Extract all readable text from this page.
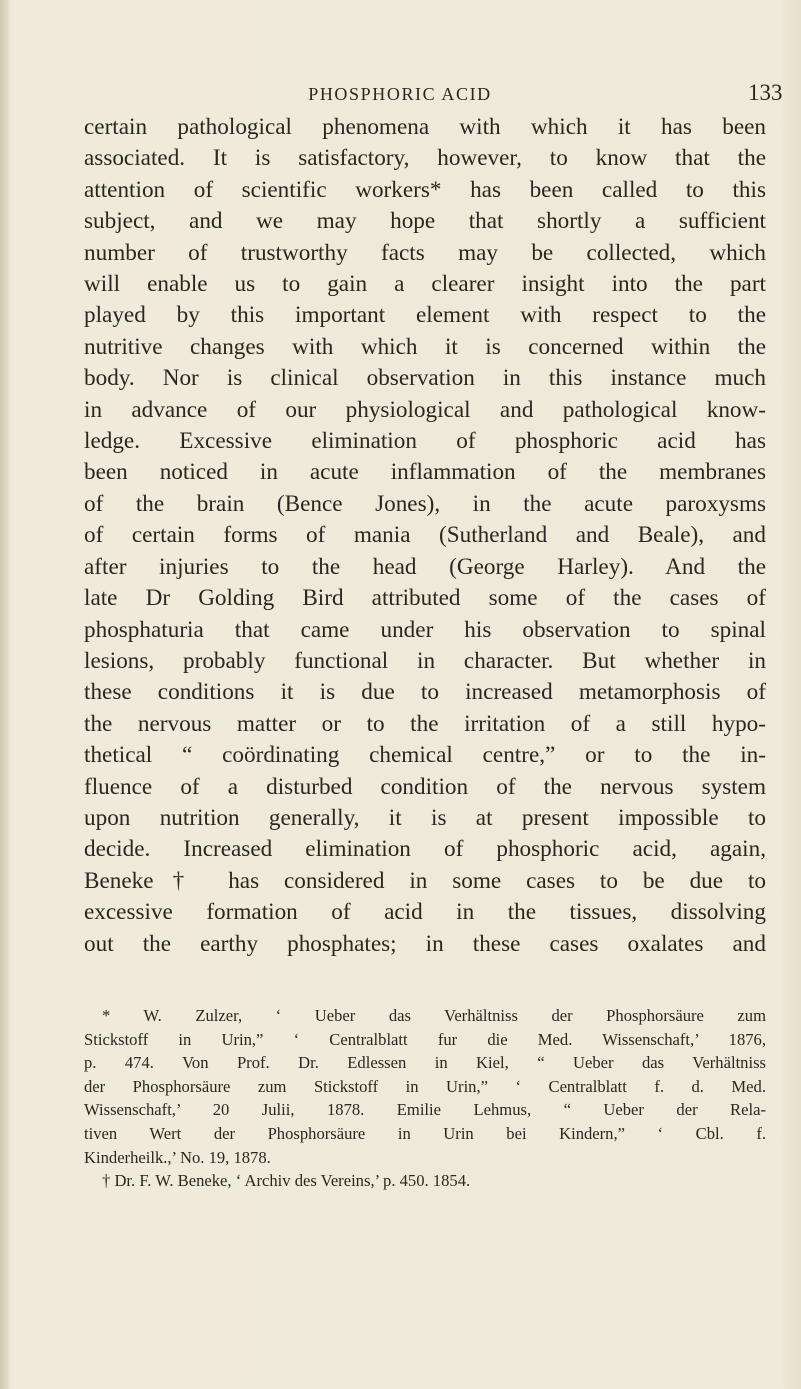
PHOSPHORIC ACID	133
certain pathological phenomena with which it has been
associated. It is satisfactory, however, to know that the
attention of scientific workers* has been called to this
subject, and we may hope that shortly a sufficient
number of trustworthy facts may be collected, which
will enable us to gain a clearer insight into the part
played by this important element with respect to the
nutritive changes with which it is concerned within the
body. Nor is clinical observation in this instance much
in advance of our physiological and pathological know-
ledge. Excessive elimination of phosphoric acid has
been noticed in acute inflammation of the membranes
of the brain (Bence Jones), in the acute paroxysms
of certain forms of mania (Sutherland and Beale), and
after injuries to the head (George Harley). And the
late Dr Golding Bird attributed some of the cases of
phosphaturia that came under his observation to spinal
lesions, probably functional in character. But whether in
these conditions it is due to increased metamorphosis of
the nervous matter or to the irritation of a still hypo-
thetical “ coördinating chemical centre,” or to the in-
fluence of a disturbed condition of the nervous system
upon nutrition generally, it is at present impossible to
decide. Increased elimination of phosphoric acid, again,
Beneke† has considered in some cases to be due to
excessive formation of acid in the tissues, dissolving
out the earthy phosphates; in these cases oxalates and
* W. Zulzer, ‘ Ueber das Verhältniss der Phosphorsäure zum
Stickstoff in Urin,” ‘ Centralblatt fur die Med. Wissenschaft,’ 1876,
p. 474. Von Prof. Dr. Edlessen in Kiel, “ Ueber das Verhältniss
der Phosphorsäure zum Stickstoff in Urin,” ‘ Centralblatt f. d. Med.
Wissenschaft,’ 20 Julii, 1878. Emilie Lehmus, “ Ueber der Rela-
tiven Wert der Phosphorsäure in Urin bei Kindern,” ‘ Cbl. f.
Kinderheilk.,’ No. 19, 1878.
† Dr. F. W. Beneke, ‘ Archiv des Vereins,’ p. 450. 1854.
